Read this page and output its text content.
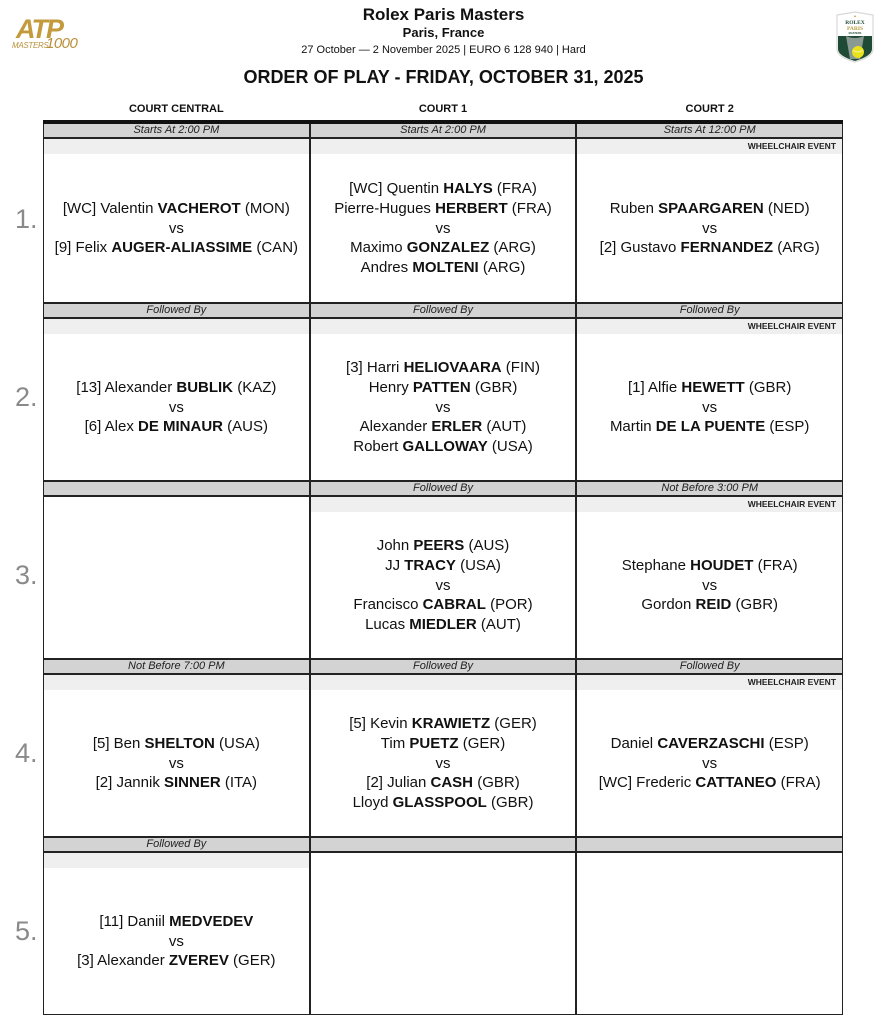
ATP
MASTERS
1000
ROLEX
PARIS
MASTERS
Rolex Paris Masters
Paris, France
27 October — 2 November 2025 | EURO 6 128 940 | Hard
ORDER OF PLAY - FRIDAY, OCTOBER 31, 2025
COURT CENTRAL	COURT 1	COURT 2
1.
Starts At 2:00 PM
[WC] Valentin VACHEROT (MON)
vs
[9] Felix AUGER-ALIASSIME (CAN)
Starts At 2:00 PM
[WC] Quentin HALYS (FRA)
Pierre-Hugues HERBERT (FRA)
vs
Maximo GONZALEZ (ARG)
Andres MOLTENI (ARG)
Starts At 12:00 PM
WHEELCHAIR EVENT
Ruben SPAARGAREN (NED)
vs
[2] Gustavo FERNANDEZ (ARG)
2.
Followed By
[13] Alexander BUBLIK (KAZ)
vs
[6] Alex DE MINAUR (AUS)
Followed By
[3] Harri HELIOVAARA (FIN)
Henry PATTEN (GBR)
vs
Alexander ERLER (AUT)
Robert GALLOWAY (USA)
Followed By
WHEELCHAIR EVENT
[1] Alfie HEWETT (GBR)
vs
Martin DE LA PUENTE (ESP)
3.
Followed By
John PEERS (AUS)
JJ TRACY (USA)
vs
Francisco CABRAL (POR)
Lucas MIEDLER (AUT)
Not Before 3:00 PM
WHEELCHAIR EVENT
Stephane HOUDET (FRA)
vs
Gordon REID (GBR)
4.
Not Before 7:00 PM
[5] Ben SHELTON (USA)
vs
[2] Jannik SINNER (ITA)
Followed By
[5] Kevin KRAWIETZ (GER)
Tim PUETZ (GER)
vs
[2] Julian CASH (GBR)
Lloyd GLASSPOOL (GBR)
Followed By
WHEELCHAIR EVENT
Daniel CAVERZASCHI (ESP)
vs
[WC] Frederic CATTANEO (FRA)
5.
Followed By
[11] Daniil MEDVEDEV
vs
[3] Alexander ZVEREV (GER)
